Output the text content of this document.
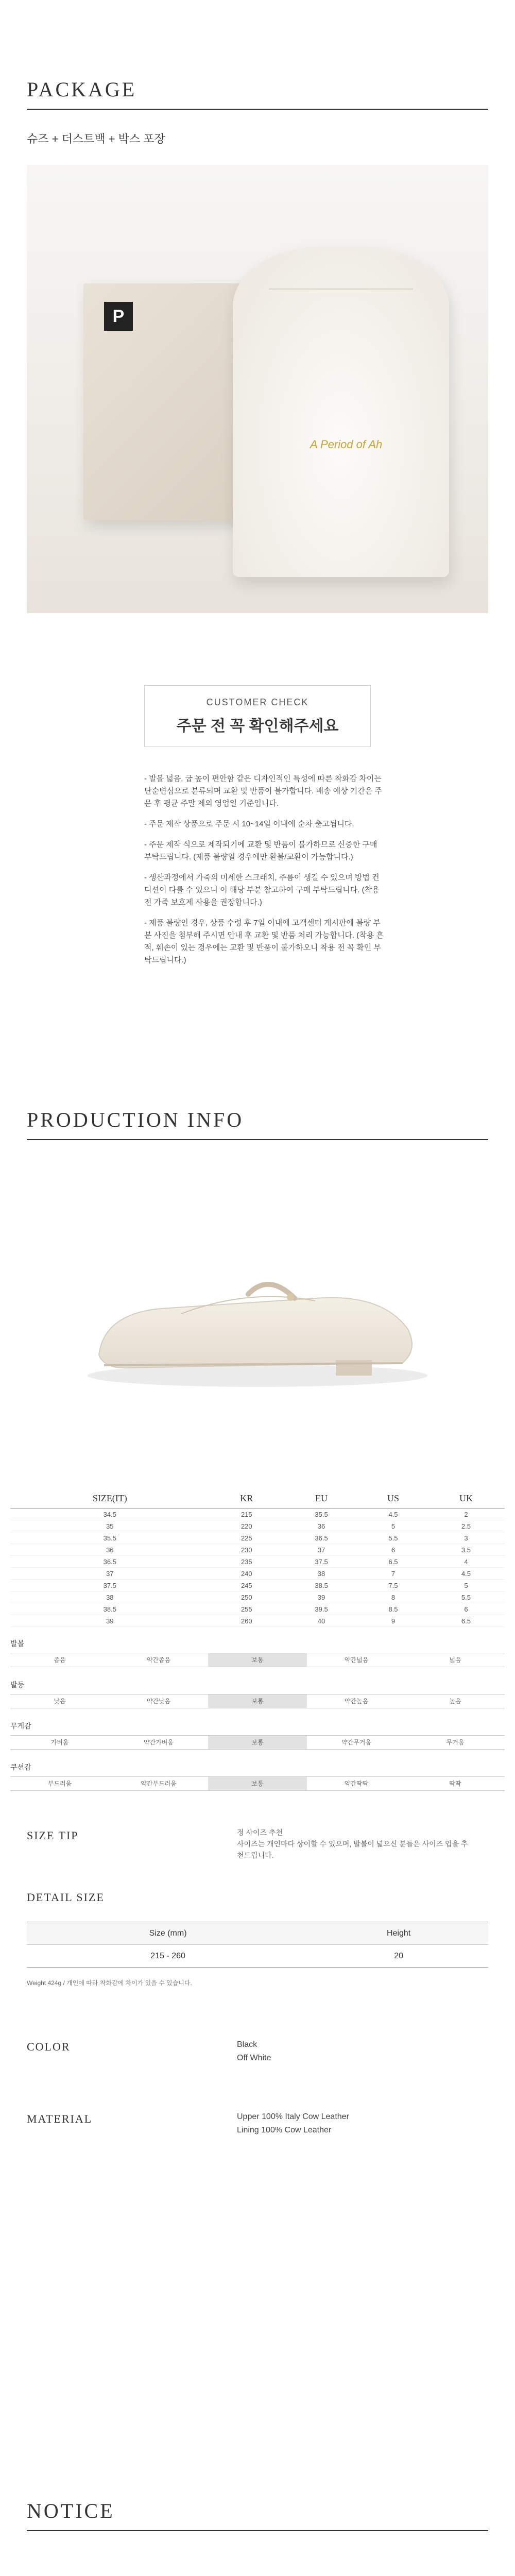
PACKAGE
슈즈 + 더스트백 + 박스 포장
P
A Period of Ah
CUSTOMER CHECK
주문 전 꼭 확인해주세요

- 발볼 넓음, 굽 높이 편안함 같은 디자인적인 특성에 따른 착화감 차이는 단순변심으로 분류되며 교환 및 반품이 불가합니다. 배송 예상 기간은 주문 후 평균 주말 제외 영업일 기준입니다.

- 주문 제작 상품으로 주문 시 10~14일 이내에 순차 출고됩니다.

- 주문 제작 식으로 제작되기에 교환 및 반품이 불가하므로 신중한 구매 부탁드립니다. (제품 불량일 경우에만 환불/교환이 가능합니다.)

- 생산과정에서 가죽의 미세한 스크래치, 주름이 생길 수 있으며 방법 컨디션이 다를 수 있으니 이 해당 부분 참고하여 구매 부탁드립니다. (착용 전 가죽 보호제 사용을 권장합니다.)

- 제품 불량인 경우, 상품 수령 후 7일 이내에 고객센터 게시판에 불량 부분 사진을 첨부해 주시면 안내 후 교환 및 반품 처리 가능합니다. (착용 흔적, 훼손이 있는 경우에는 교환 및 반품이 불가하오니 착용 전 꼭 확인 부탁드립니다.)

PRODUCTION INFO
SIZE(IT)	KR	EU	US	UK
34.5	215	35.5	4.5	2
35	220	36	5	2.5
35.5	225	36.5	5.5	3
36	230	37	6	3.5
36.5	235	37.5	6.5	4
37	240	38	7	4.5
37.5	245	38.5	7.5	5
38	250	39	8	5.5
38.5	255	39.5	8.5	6
39	260	40	9	6.5
발볼
좁음	약간좁음	보통	약간넓음	넓음
발등
낮음	약간낮음	보통	약간높음	높음
무게감
가벼움	약간가벼움	보통	약간무거움	무거움
쿠션감
부드러움	약간부드러움	보통	약간딱딱	딱딱
SIZE TIP	정 사이즈 추천
사이즈는 개인마다 상이할 수 있으며, 발볼이 넓으신 분들은 사이즈 업을 추천드립니다.
DETAIL SIZE
Size (mm)	Height
215 - 260	20
Weight 424g / 개인에 따라 착화감에 차이가 있을 수 있습니다.
COLOR	Black
Off White
MATERIAL	Upper 100% Italy Cow Leather
Lining 100% Cow Leather
NOTICE
